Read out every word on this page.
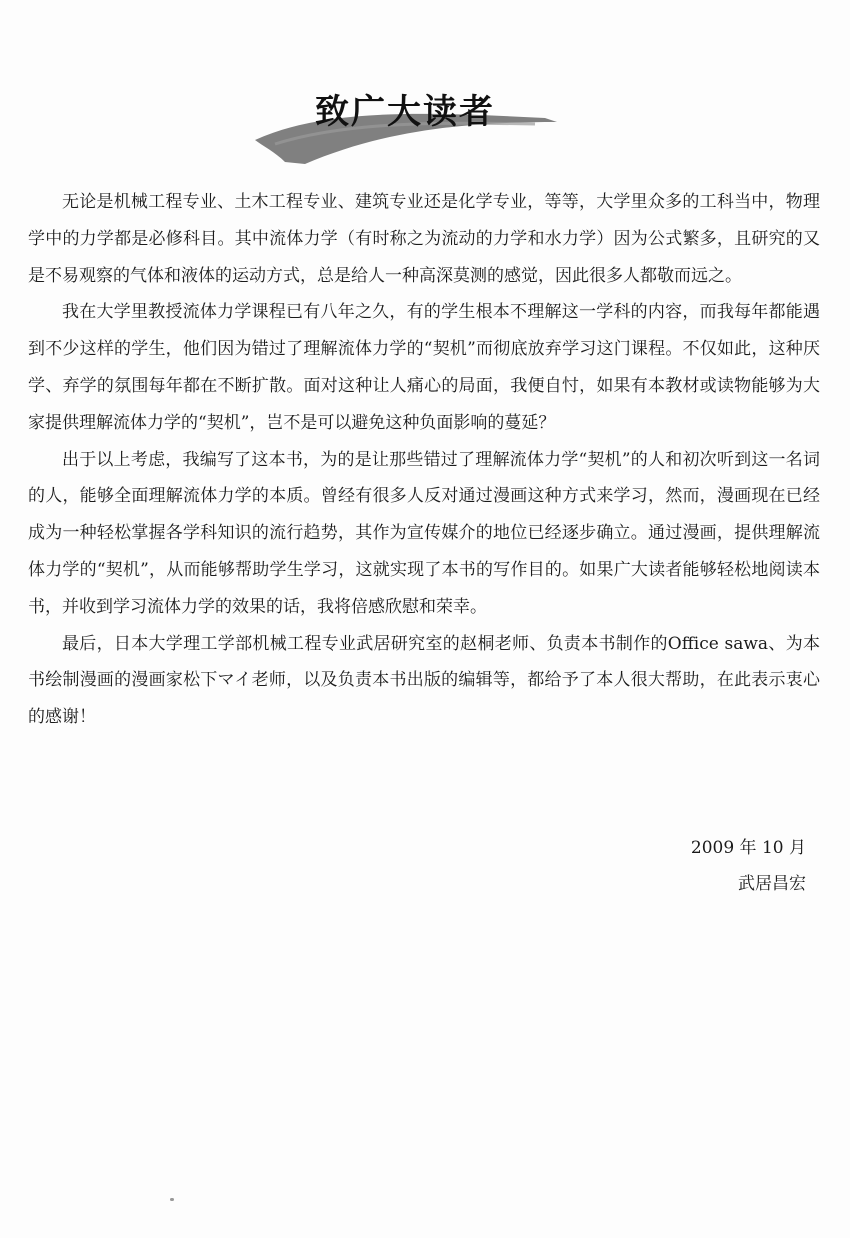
致广大读者

无论是机械工程专业、土木工程专业、建筑专业还是化学专业，等等，大学里众多的工科当中，物理学中的力学都是必修科目。其中流体力学（有时称之为流动的力学和水力学）因为公式繁多，且研究的又是不易观察的气体和液体的运动方式，总是给人一种高深莫测的感觉，因此很多人都敬而远之。

我在大学里教授流体力学课程已有八年之久，有的学生根本不理解这一学科的内容，而我每年都能遇到不少这样的学生，他们因为错过了理解流体力学的“契机”而彻底放弃学习这门课程。不仅如此，这种厌学、弃学的氛围每年都在不断扩散。面对这种让人痛心的局面，我便自忖，如果有本教材或读物能够为大家提供理解流体力学的“契机”，岂不是可以避免这种负面影响的蔓延？

出于以上考虑，我编写了这本书，为的是让那些错过了理解流体力学“契机”的人和初次听到这一名词的人，能够全面理解流体力学的本质。曾经有很多人反对通过漫画这种方式来学习，然而，漫画现在已经成为一种轻松掌握各学科知识的流行趋势，其作为宣传媒介的地位已经逐步确立。通过漫画，提供理解流体力学的“契机”，从而能够帮助学生学习，这就实现了本书的写作目的。如果广大读者能够轻松地阅读本书，并收到学习流体力学的效果的话，我将倍感欣慰和荣幸。

最后，日本大学理工学部机械工程专业武居研究室的赵桐老师、负责本书制作的Office sawa、为本书绘制漫画的漫画家松下マイ老师，以及负责本书出版的编辑等，都给予了本人很大帮助，在此表示衷心的感谢！

2009 年 10 月
武居昌宏
